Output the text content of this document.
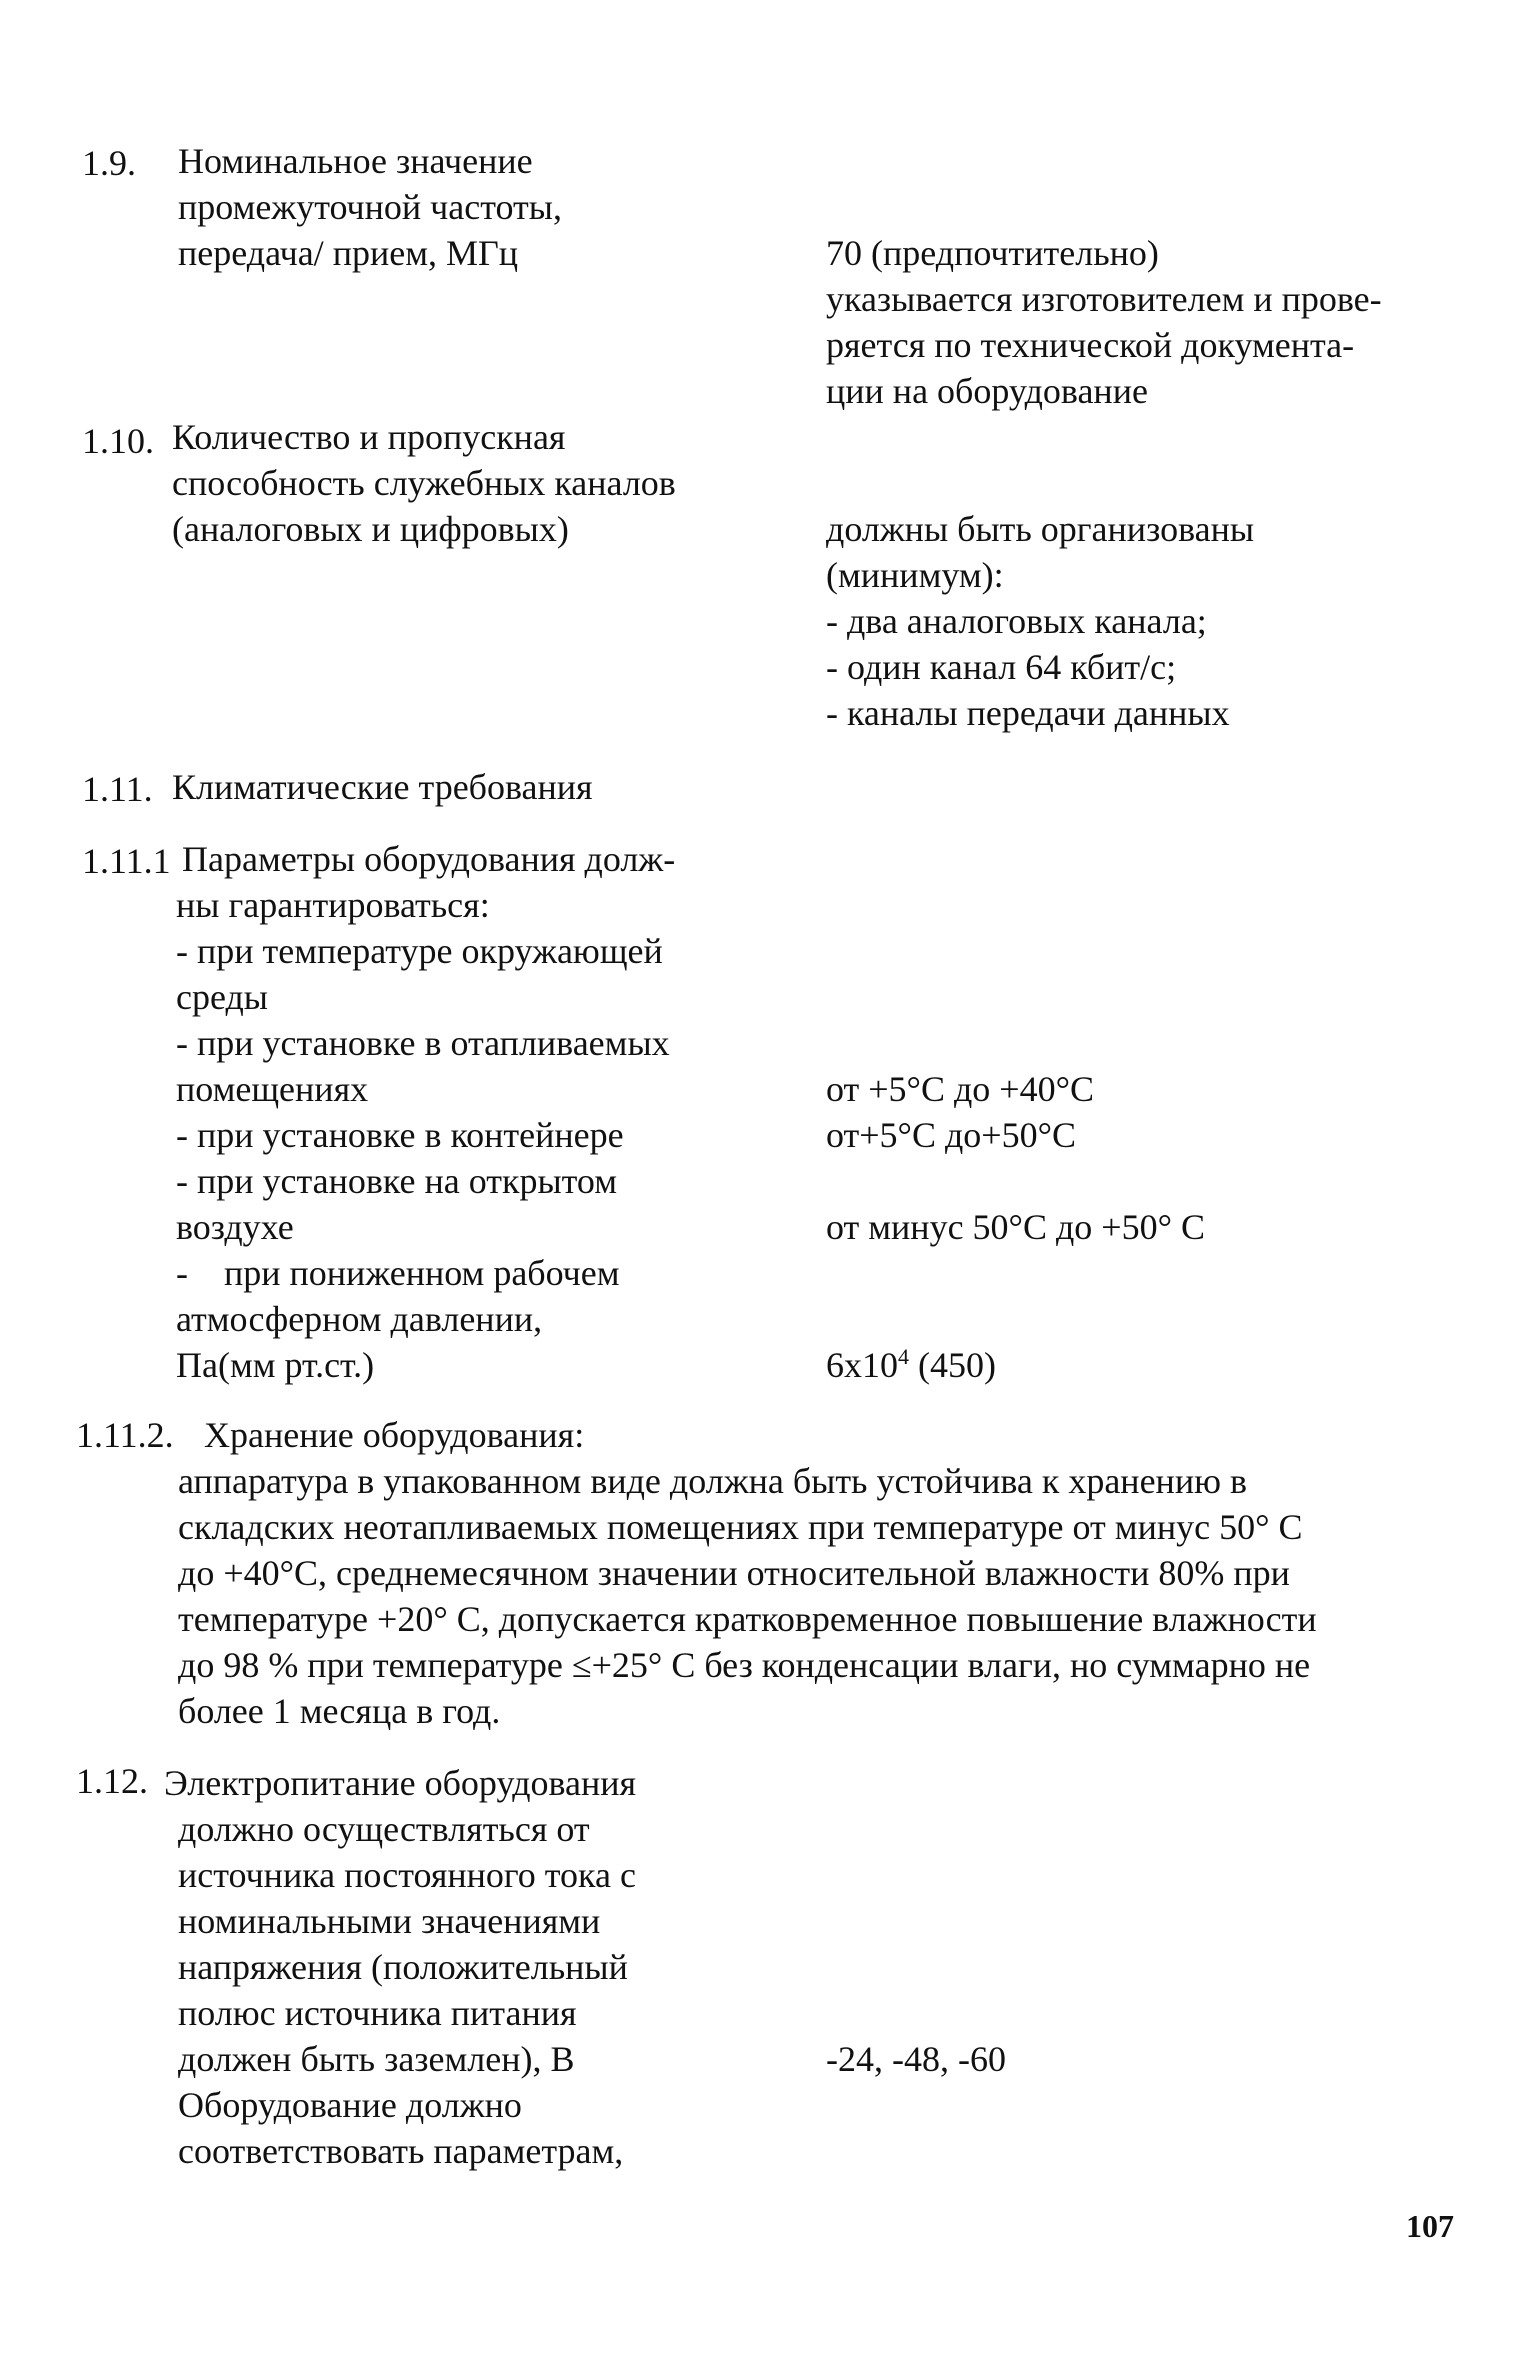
1.9. Номинальное значение
промежуточной частоты,
передача/ прием, МГц	70 (предпочтительно)
указывается изготовителем и прове-
ряется по технической документа-
ции на оборудование
1.10. Количество и пропускная
способность служебных каналов
(аналоговых и цифровых)	должны быть организованы
(минимум):
- два аналоговых канала;
- один канал 64 кбит/с;
- каналы передачи данных
1.11. Климатические требования
1.11.1 Параметры оборудования долж-
ны гарантироваться:
- при температуре окружающей
среды
- при установке в отапливаемых
помещениях	от +5°С до +40°С
- при установке в контейнере	от+5°С до+50°С
- при установке на открытом
воздухе	от минус 50°С до +50° С
-    при пониженном рабочем
атмосферном давлении,
Па(мм рт.ст.)	$6x10^4$ (450)
1.11.2. Хранение оборудования:
аппаратура в упакованном виде должна быть устойчива к хранению в
складских неотапливаемых помещениях при температуре от минус 50° С
до +40°С, среднемесячном значении относительной влажности 80% при
температуре +20° С, допускается кратковременное повышение влажности
до 98 % при температуре ≤+25° С без конденсации влаги, но суммарно не
более 1 месяца в год.
1.12. Электропитание оборудования
должно осуществляться от
источника постоянного тока с
номинальными значениями
напряжения (положительный
полюс источника питания
должен быть заземлен), В	-24, -48, -60
Оборудование должно
соответствовать параметрам,
107
